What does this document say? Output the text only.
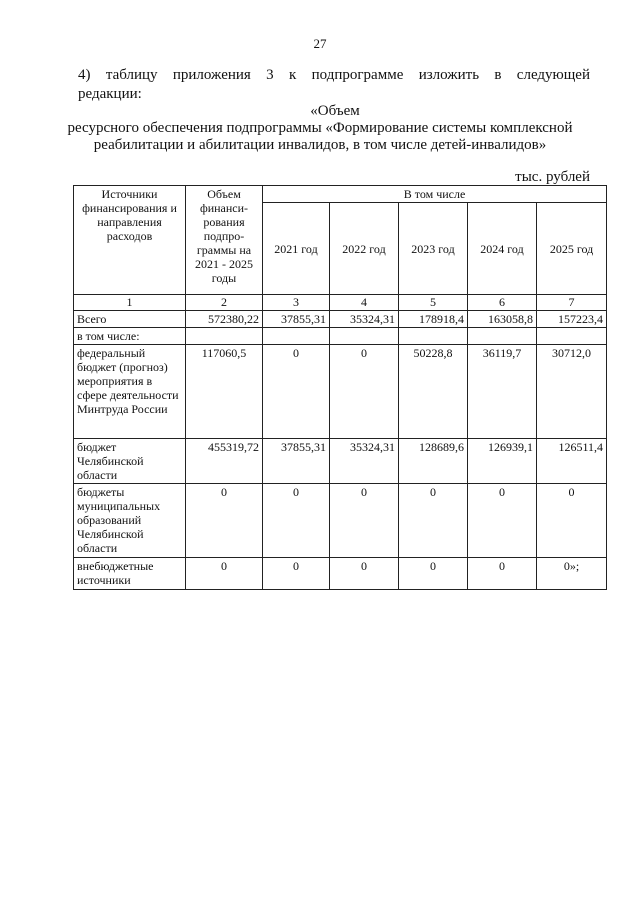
27
4) таблицу приложения 3 к подпрограмме изложить в следующей
редакции:
«Объем
ресурсного обеспечения подпрограммы «Формирование системы комплексной
реабилитации и абилитации инвалидов, в том числе детей-инвалидов»
тыс. рублей
Источники финансирования и направления расходов	Объем финанси-рования подпро-граммы на 2021 - 2025 годы	В том числе				
		2021 год	2022 год	2023 год	2024 год	2025 год
1	2	3	4	5	6	7
Всего	572380,22	37855,31	35324,31	178918,4	163058,8	157223,4
в том числе:						
федеральный бюджет (прогноз) мероприятия в сфере деятельности Минтруда России	117060,5	0	0	50228,8	36119,7	30712,0
бюджет Челябинской области	455319,72	37855,31	35324,31	128689,6	126939,1	126511,4
бюджеты муниципальных образований Челябинской области	0	0	0	0	0	0
внебюджетные источники	0	0	0	0	0	0»;
